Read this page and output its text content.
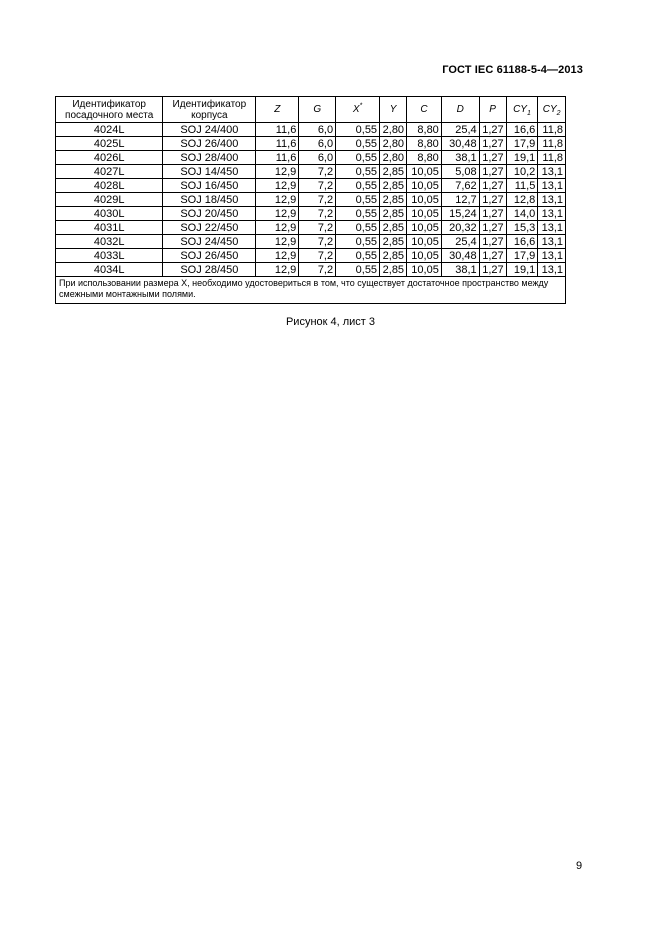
ГОСТ IEC 61188-5-4—2013
Идентификатор посадочного места	Идентификатор корпуса	Z	G	X*	Y	C	D	P	$CY_1$	$CY_2$
4024L	SOJ 24/400	11,6	6,0	0,55	2,80	8,80	25,4	1,27	16,6	11,8
4025L	SOJ 26/400	11,6	6,0	0,55	2,80	8,80	30,48	1,27	17,9	11,8
4026L	SOJ 28/400	11,6	6,0	0,55	2,80	8,80	38,1	1,27	19,1	11,8
4027L	SOJ 14/450	12,9	7,2	0,55	2,85	10,05	5,08	1,27	10,2	13,1
4028L	SOJ 16/450	12,9	7,2	0,55	2,85	10,05	7,62	1,27	11,5	13,1
4029L	SOJ 18/450	12,9	7,2	0,55	2,85	10,05	12,7	1,27	12,8	13,1
4030L	SOJ 20/450	12,9	7,2	0,55	2,85	10,05	15,24	1,27	14,0	13,1
4031L	SOJ 22/450	12,9	7,2	0,55	2,85	10,05	20,32	1,27	15,3	13,1
4032L	SOJ 24/450	12,9	7,2	0,55	2,85	10,05	25,4	1,27	16,6	13,1
4033L	SOJ 26/450	12,9	7,2	0,55	2,85	10,05	30,48	1,27	17,9	13,1
4034L	SOJ 28/450	12,9	7,2	0,55	2,85	10,05	38,1	1,27	19,1	13,1
При использовании размера X, необходимо удостовериться в том, что существует достаточное пространство между смежными монтажными полями.										
Рисунок 4, лист 3
9
